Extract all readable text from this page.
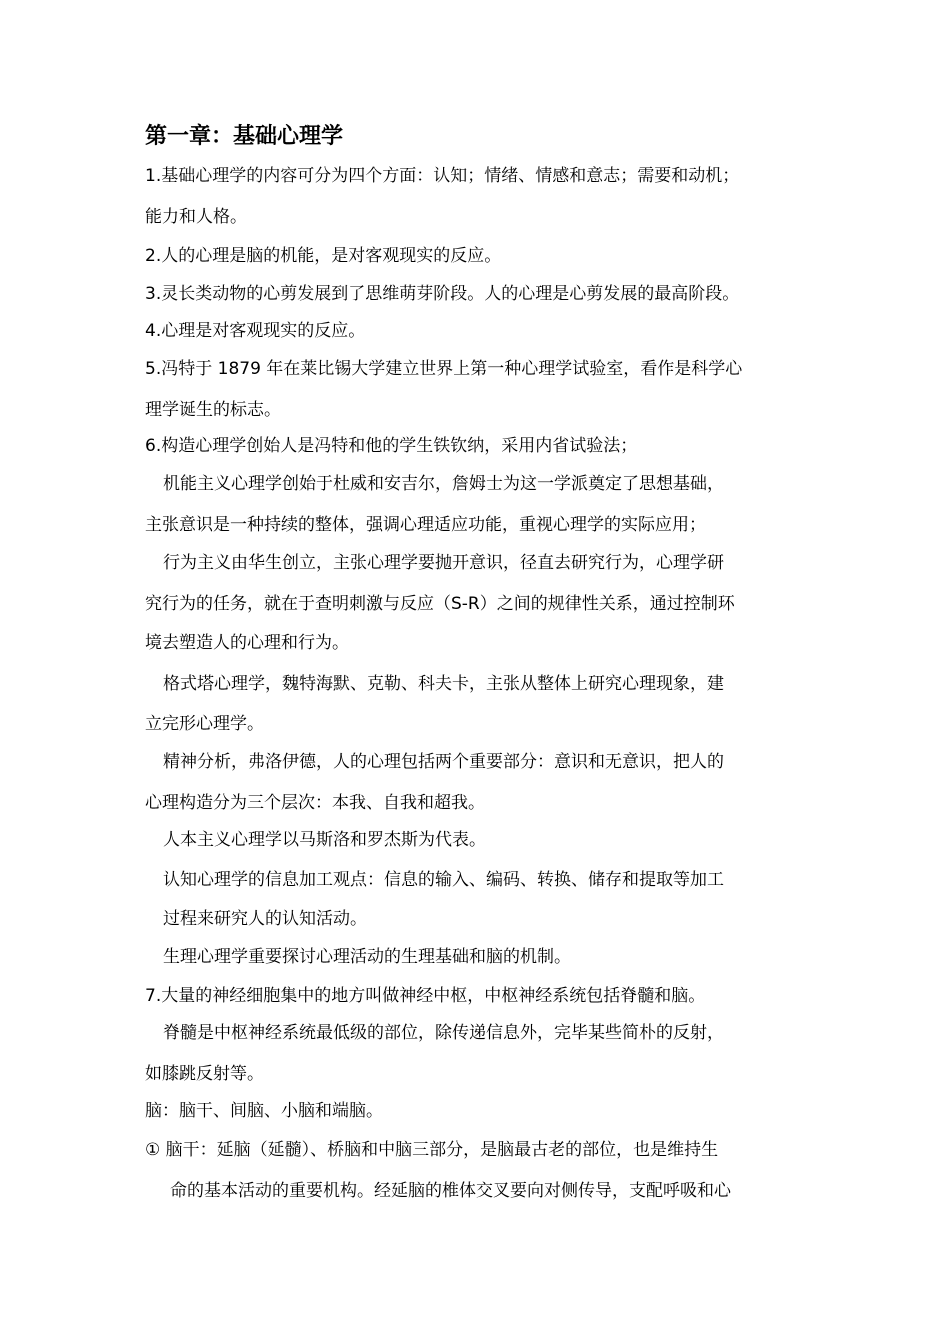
第一章：基础心理学
1.基础心理学的内容可分为四个方面：认知；情绪、情感和意志；需要和动机；
能力和人格。
2.人的心理是脑的机能，是对客观现实的反应。
3.灵长类动物的心剪发展到了思维萌芽阶段。人的心理是心剪发展的最高阶段。
4.心理是对客观现实的反应。
5.冯特于 1879 年在莱比锡大学建立世界上第一种心理学试验室，看作是科学心
理学诞生的标志。
6.构造心理学创始人是冯特和他的学生铁钦纳，采用内省试验法；
机能主义心理学创始于杜威和安吉尔，詹姆士为这一学派奠定了思想基础，
主张意识是一种持续的整体，强调心理适应功能，重视心理学的实际应用；
行为主义由华生创立，主张心理学要抛开意识，径直去研究行为，心理学研
究行为的任务，就在于查明刺激与反应（S-R）之间的规律性关系，通过控制环
境去塑造人的心理和行为。
格式塔心理学，魏特海默、克勒、科夫卡，主张从整体上研究心理现象，建
立完形心理学。
精神分析，弗洛伊德，人的心理包括两个重要部分：意识和无意识，把人的
心理构造分为三个层次：本我、自我和超我。
人本主义心理学以马斯洛和罗杰斯为代表。
认知心理学的信息加工观点：信息的输入、编码、转换、储存和提取等加工
过程来研究人的认知活动。
生理心理学重要探讨心理活动的生理基础和脑的机制。
7.大量的神经细胞集中的地方叫做神经中枢，中枢神经系统包括脊髓和脑。
脊髓是中枢神经系统最低级的部位，除传递信息外，完毕某些简朴的反射，
如膝跳反射等。
脑：脑干、间脑、小脑和端脑。
① 脑干：延脑（延髓）、桥脑和中脑三部分，是脑最古老的部位，也是维持生
命的基本活动的重要机构。经延脑的椎体交叉要向对侧传导，支配呼吸和心
